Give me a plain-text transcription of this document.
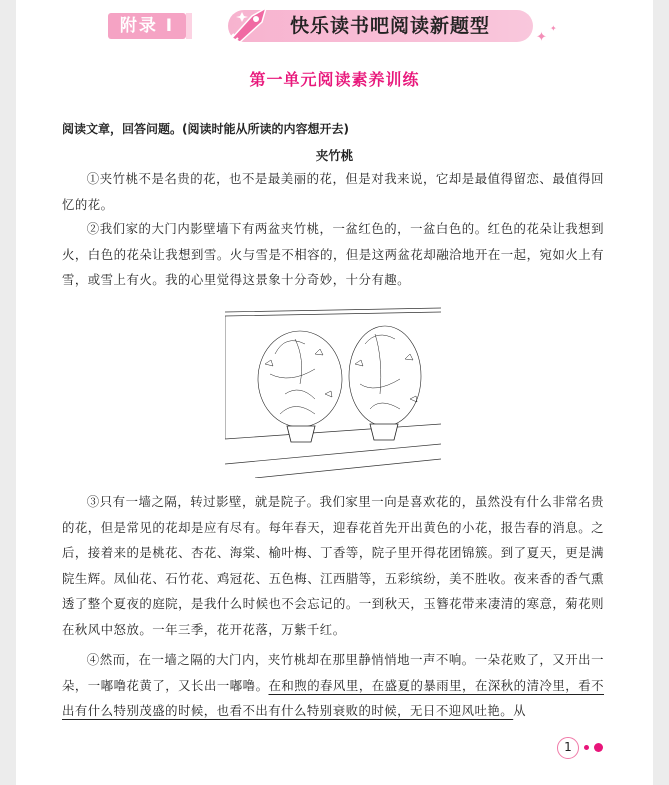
附录 I	快乐读书吧阅读新题型
✦
✦
第一单元阅读素养训练
阅读文章，回答问题。(阅读时能从所读的内容想开去)
夹竹桃

①夹竹桃不是名贵的花，也不是最美丽的花，但是对我来说，它却是最值得留恋、最值得回忆的花。

②我们家的大门内影壁墙下有两盆夹竹桃，一盆红色的，一盆白色的。红色的花朵让我想到火，白色的花朵让我想到雪。火与雪是不相容的，但是这两盆花却融洽地开在一起，宛如火上有雪，或雪上有火。我的心里觉得这景象十分奇妙，十分有趣。

③只有一墙之隔，转过影壁，就是院子。我们家里一向是喜欢花的，虽然没有什么非常名贵的花，但是常见的花却是应有尽有。每年春天，迎春花首先开出黄色的小花，报告春的消息。之后，接着来的是桃花、杏花、海棠、榆叶梅、丁香等，院子里开得花团锦簇。到了夏天，更是满院生辉。凤仙花、石竹花、鸡冠花、五色梅、江西腊等，五彩缤纷，美不胜收。夜来香的香气熏透了整个夏夜的庭院，是我什么时候也不会忘记的。一到秋天，玉簪花带来凄清的寒意，菊花则在秋风中怒放。一年三季，花开花落，万紫千红。

④然而，在一墙之隔的大门内，夹竹桃却在那里静悄悄地一声不响。一朵花败了，又开出一朵，一嘟噜花黄了，又长出一嘟噜。在和煦的春风里，在盛夏的暴雨里，在深秋的清冷里，看不出有什么特别茂盛的时候，也看不出有什么特别衰败的时候，无日不迎风吐艳。从

1
